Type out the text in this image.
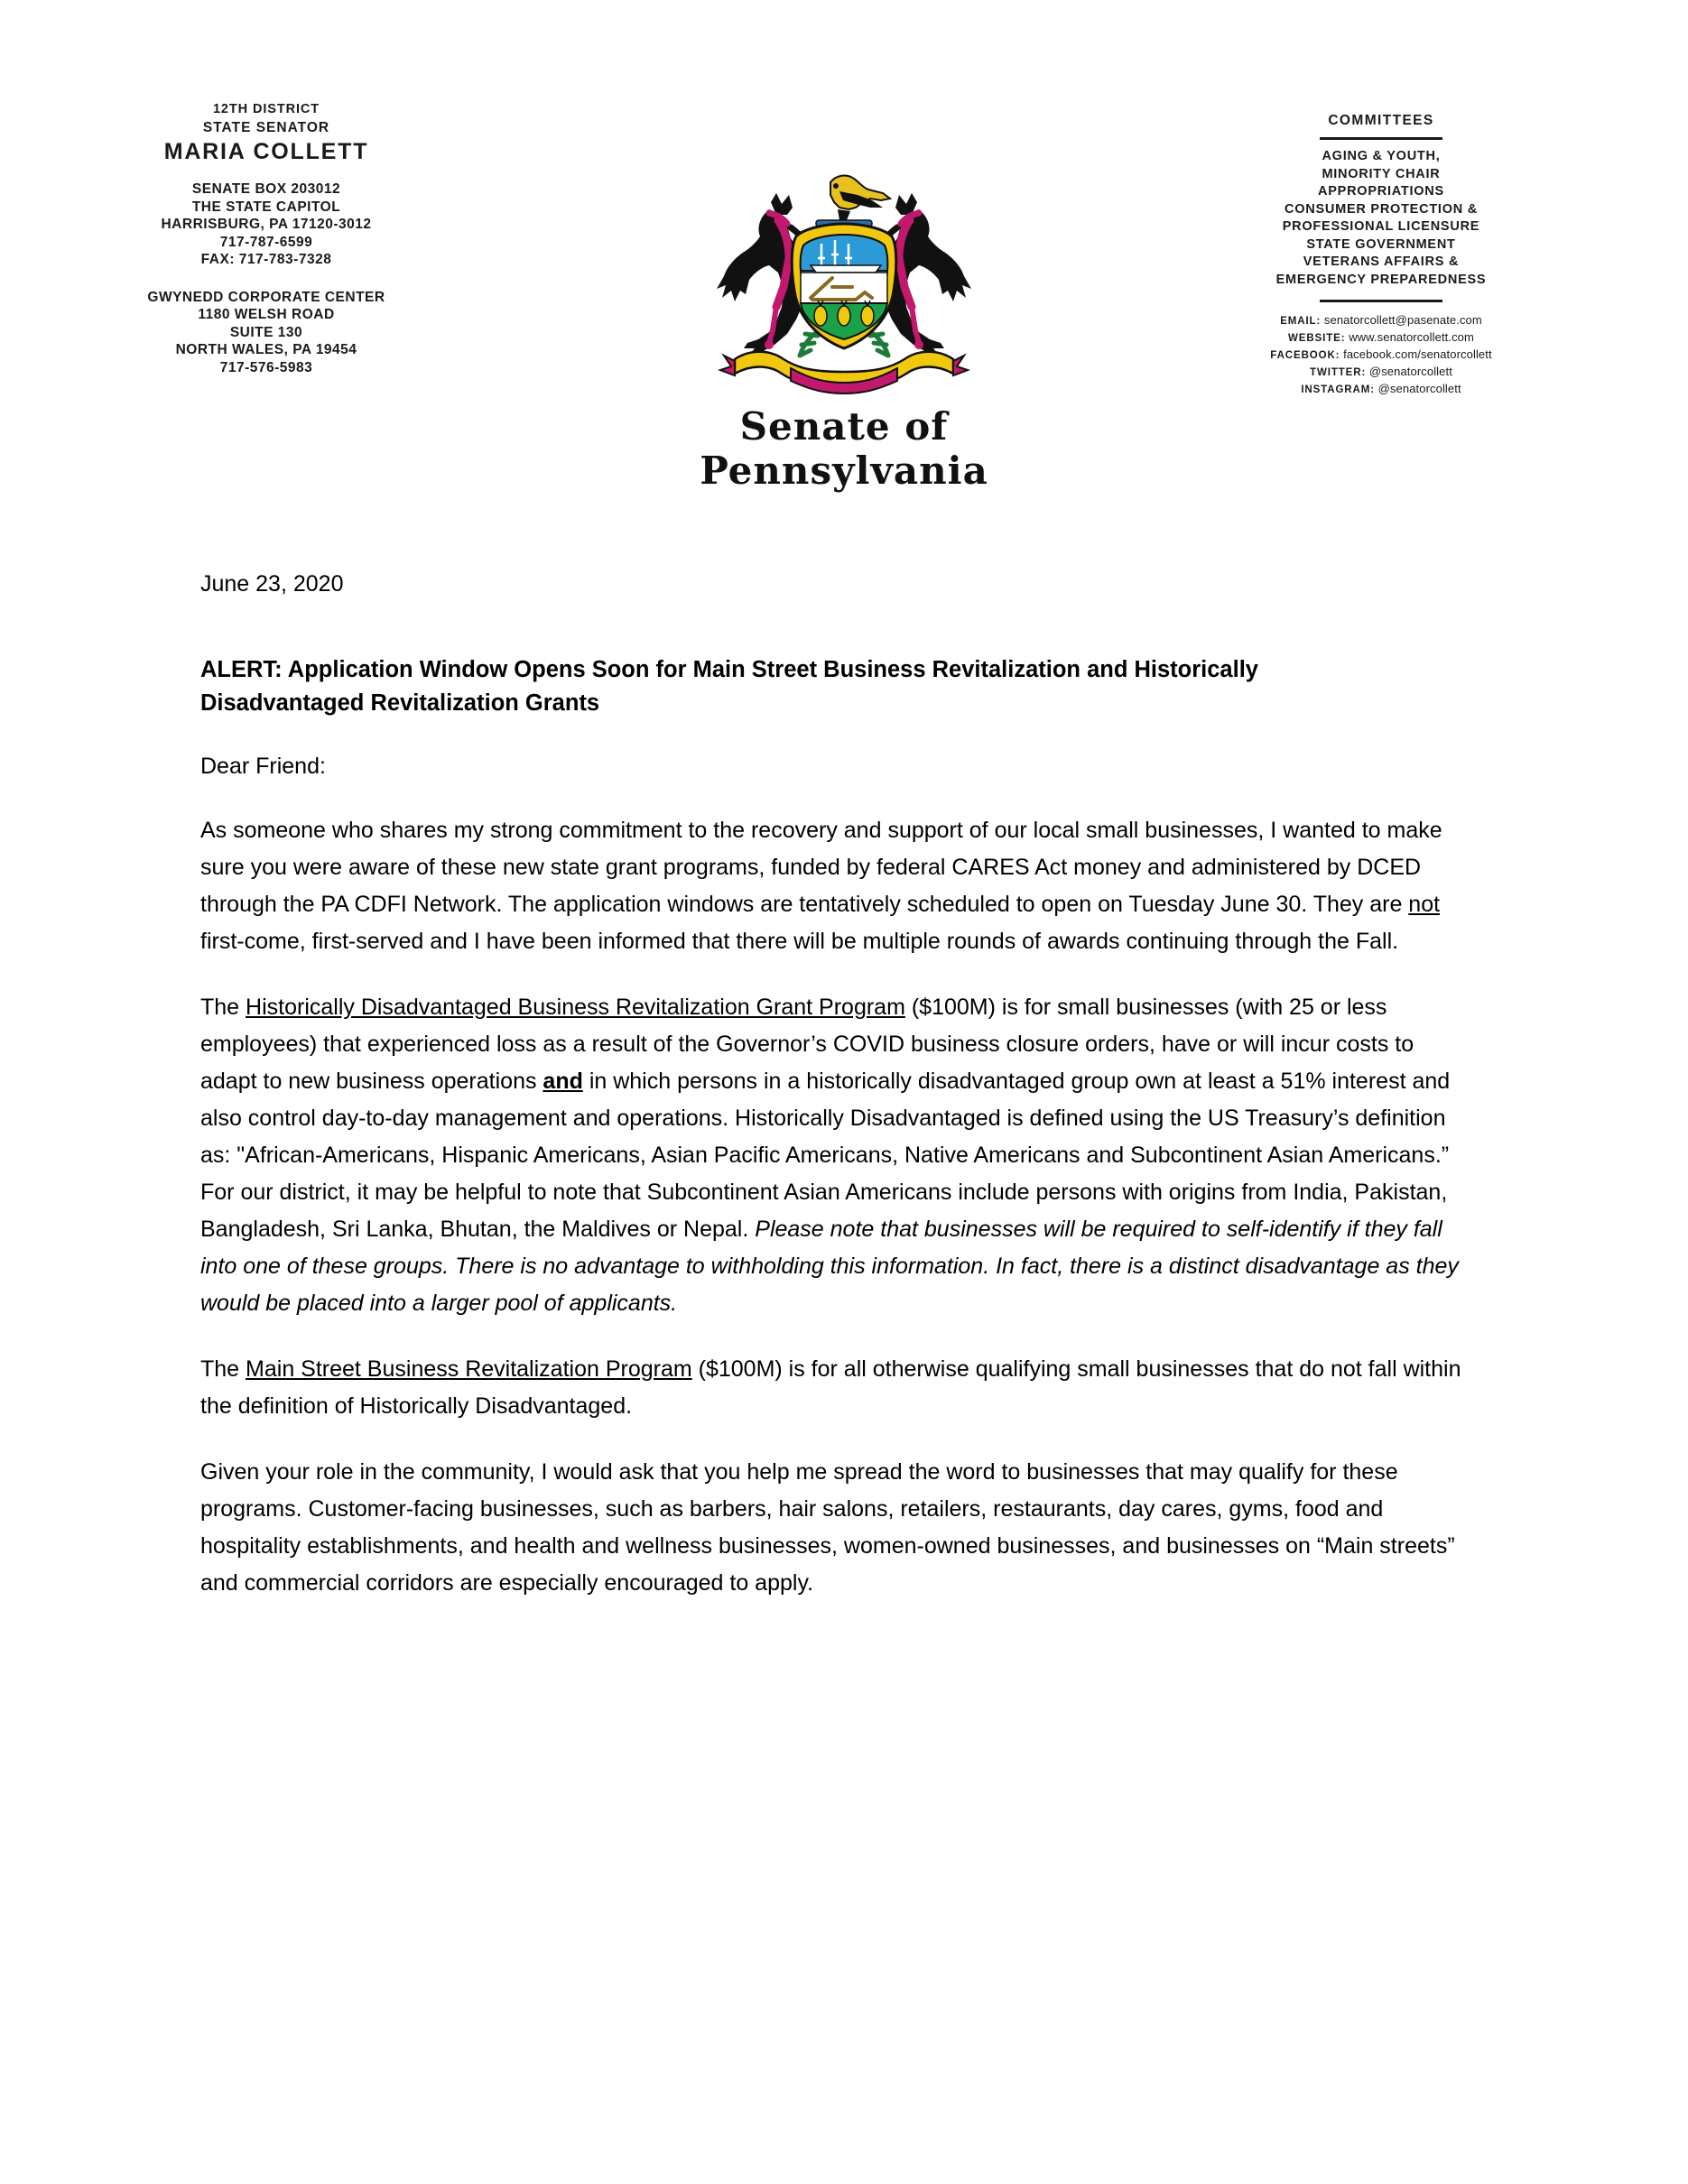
12TH DISTRICT
STATE SENATOR
MARIA COLLETT
SENATE BOX 203012
THE STATE CAPITOL
HARRISBURG, PA 17120-3012
717-787-6599
FAX: 717-783-7328
GWYNEDD CORPORATE CENTER
1180 WELSH ROAD
SUITE 130
NORTH WALES, PA 19454
717-576-5983
Senate of Pennsylvania
COMMITTEES
AGING & YOUTH,
MINORITY CHAIR
APPROPRIATIONS
CONSUMER PROTECTION &
PROFESSIONAL LICENSURE
STATE GOVERNMENT
VETERANS AFFAIRS &
EMERGENCY PREPAREDNESS
EMAIL: senatorcollett@pasenate.com
WEBSITE: www.senatorcollett.com
FACEBOOK: facebook.com/senatorcollett
TWITTER: @senatorcollett
INSTAGRAM: @senatorcollett
June 23, 2020
ALERT: Application Window Opens Soon for Main Street Business Revitalization and Historically Disadvantaged Revitalization Grants
Dear Friend:

As someone who shares my strong commitment to the recovery and support of our local small businesses, I wanted to make sure you were aware of these new state grant programs, funded by federal CARES Act money and administered by DCED through the PA CDFI Network. The application windows are tentatively scheduled to open on Tuesday June 30. They are not first-come, first-served and I have been informed that there will be multiple rounds of awards continuing through the Fall.

The Historically Disadvantaged Business Revitalization Grant Program ($100M) is for small businesses (with 25 or less employees) that experienced loss as a result of the Governor’s COVID business closure orders, have or will incur costs to adapt to new business operations and in which persons in a historically disadvantaged group own at least a 51% interest and also control day-to-day management and operations. Historically Disadvantaged is defined using the US Treasury’s definition as: "African-Americans, Hispanic Americans, Asian Pacific Americans, Native Americans and Subcontinent Asian Americans.” For our district, it may be helpful to note that Subcontinent Asian Americans include persons with origins from India, Pakistan, Bangladesh, Sri Lanka, Bhutan, the Maldives or Nepal. Please note that businesses will be required to self-identify if they fall into one of these groups. There is no advantage to withholding this information. In fact, there is a distinct disadvantage as they would be placed into a larger pool of applicants.

The Main Street Business Revitalization Program ($100M) is for all otherwise qualifying small businesses that do not fall within the definition of Historically Disadvantaged.

Given your role in the community, I would ask that you help me spread the word to businesses that may qualify for these programs. Customer-facing businesses, such as barbers, hair salons, retailers, restaurants, day cares, gyms, food and hospitality establishments, and health and wellness businesses, women-owned businesses, and businesses on “Main streets” and commercial corridors are especially encouraged to apply.
